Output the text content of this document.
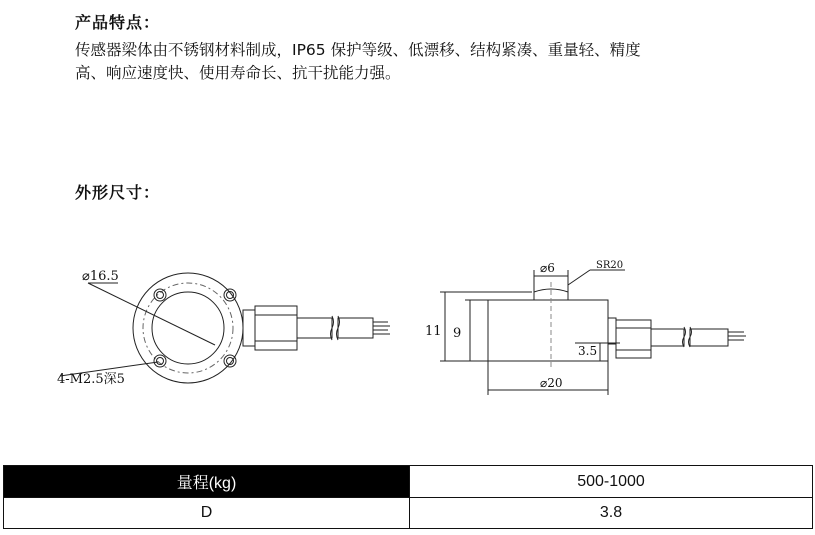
产品特点：
传感器梁体由不锈钢材料制成，IP65 保护等级、低漂移、结构紧凑、重量轻、精度
高、响应速度快、使用寿命长、抗干扰能力强。
外形尺寸：
⌀16.5
4-M2.5深5
⌀6	SR20
11 9
3.5
⌀20
量程(kg)	500-1000
D	3.8
